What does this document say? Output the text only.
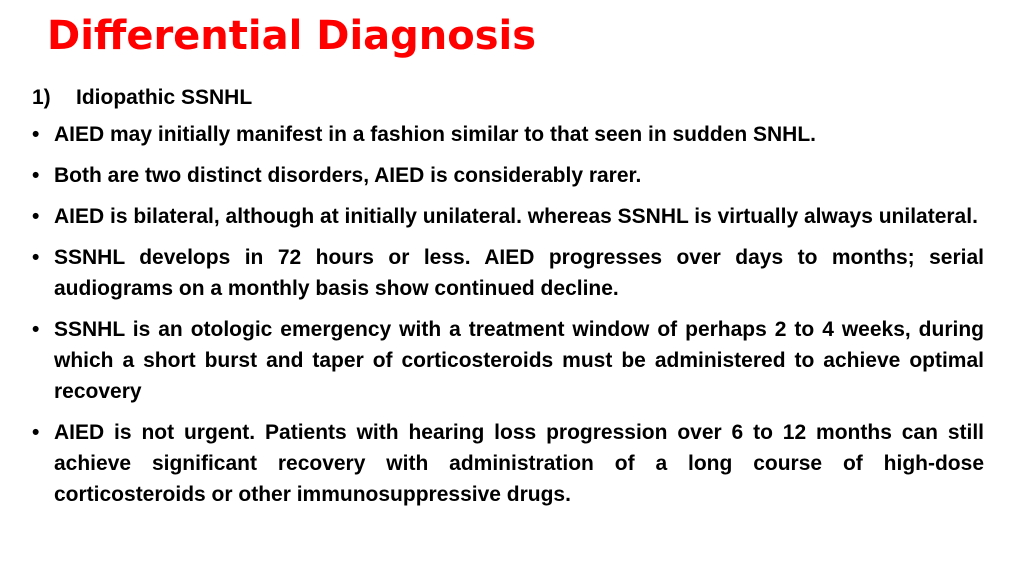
Differential Diagnosis
1)	Idiopathic SSNHL
• AIED may initially manifest in a fashion similar to that seen in sudden SNHL.
• Both are two distinct disorders, AIED is considerably rarer.
• AIED is bilateral, although at initially unilateral. whereas SSNHL is virtually always unilateral.
• SSNHL develops in 72 hours or less. AIED progresses over days to months; serial audiograms on a monthly basis show continued decline.
• SSNHL is an otologic emergency with a treatment window of perhaps 2 to 4 weeks, during which a short burst and taper of corticosteroids must be administered to achieve optimal recovery
• AIED is not urgent. Patients with hearing loss progression over 6 to 12 months can still achieve significant recovery with administration of a long course of high-dose corticosteroids or other immunosuppressive drugs.
